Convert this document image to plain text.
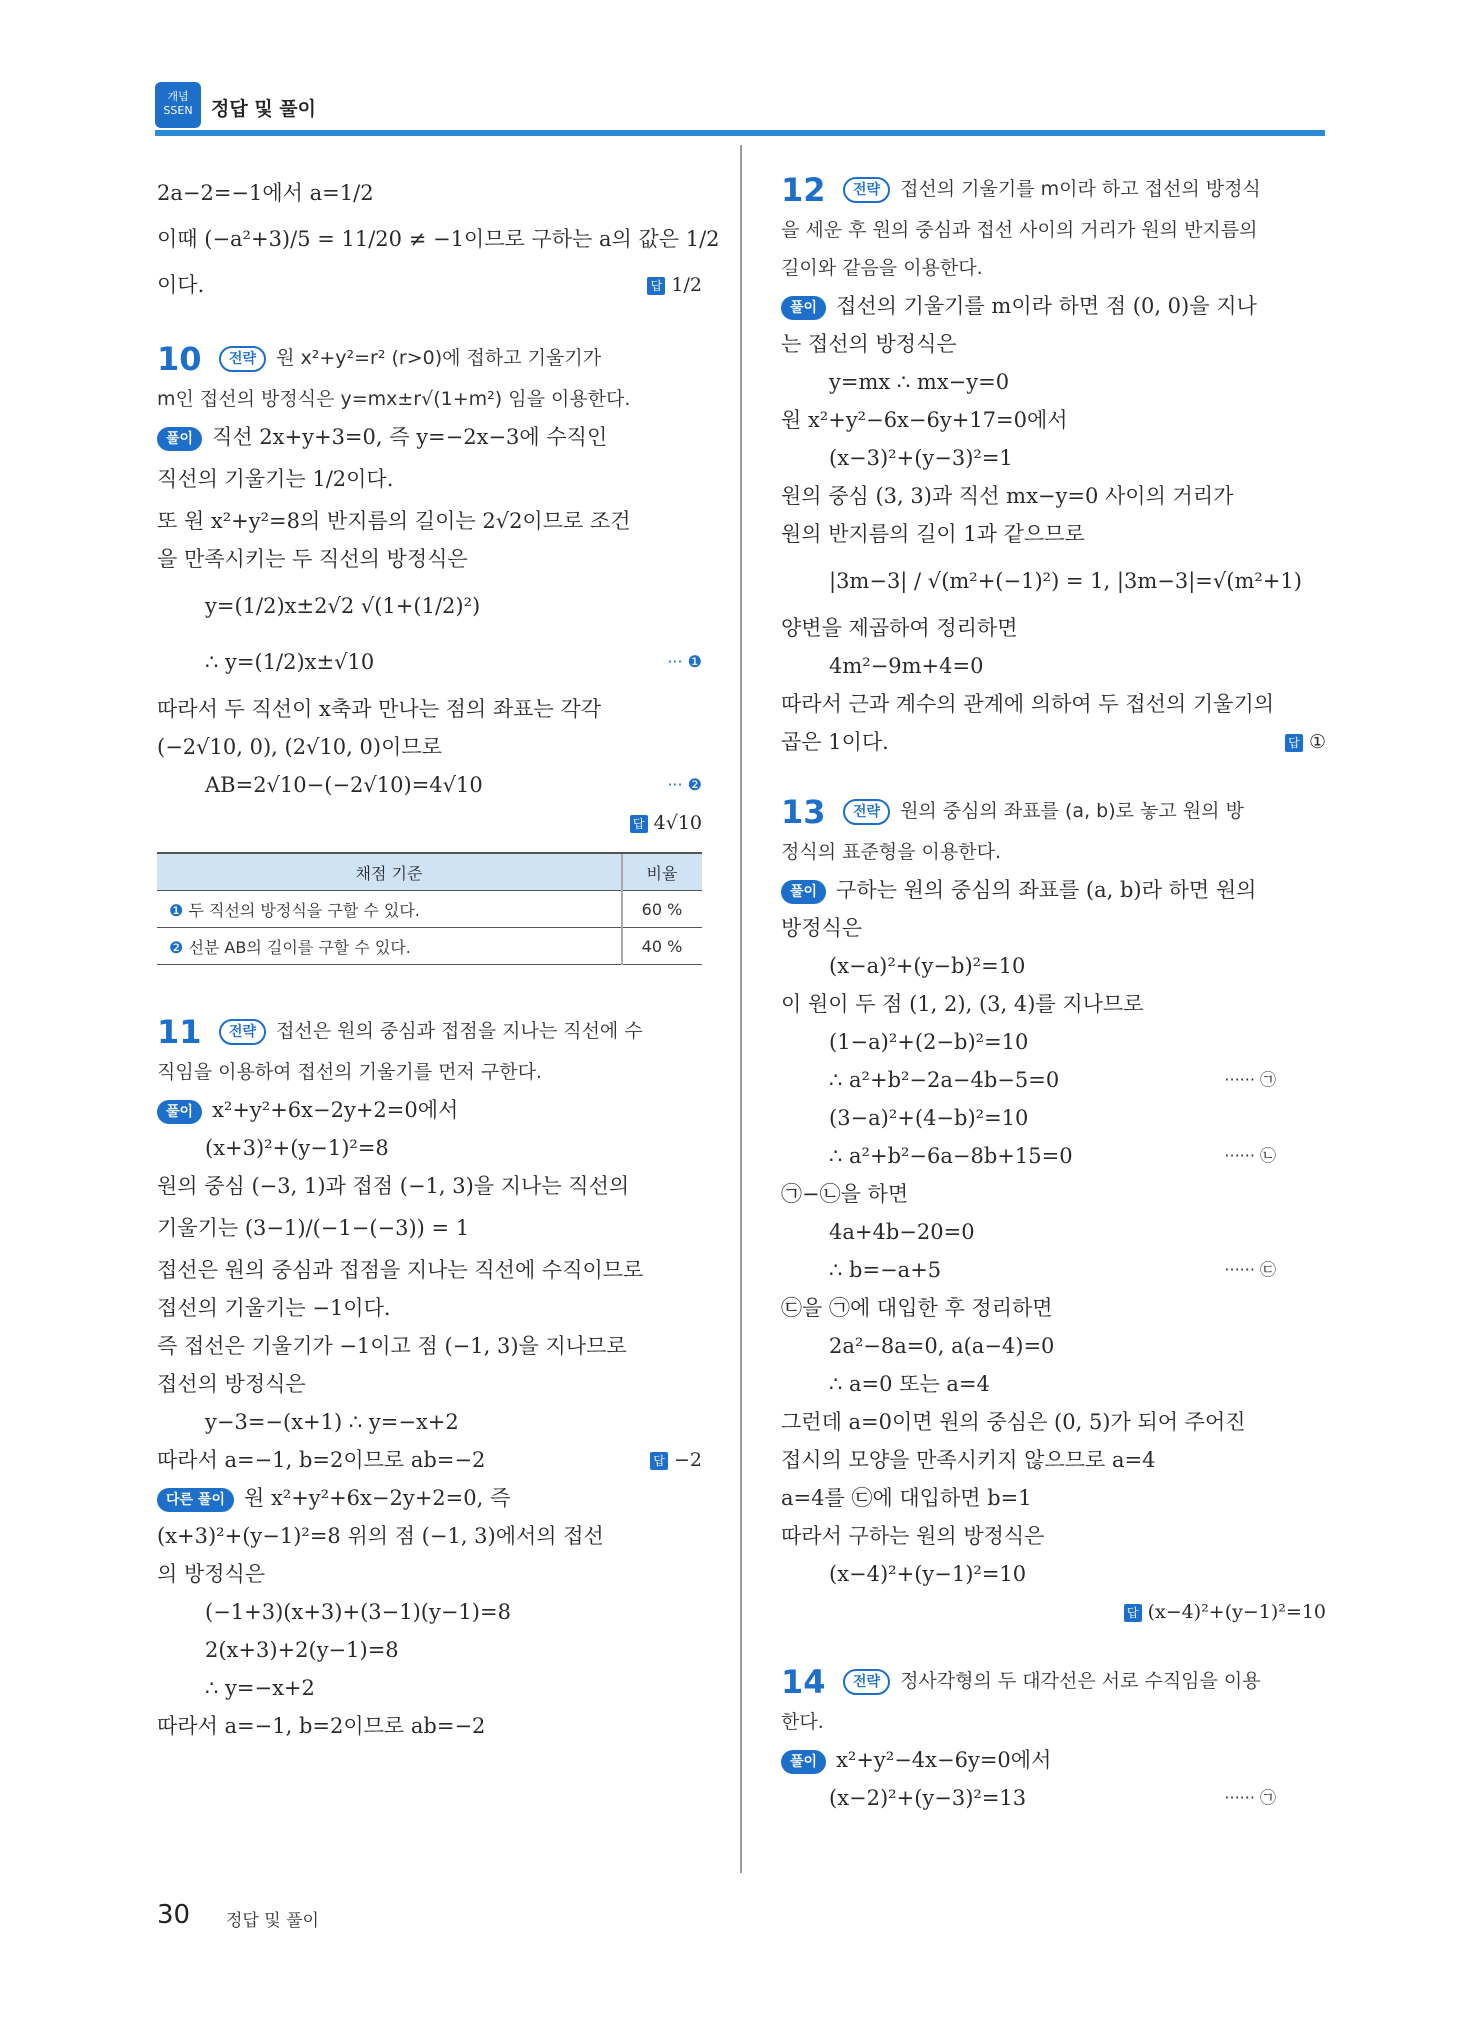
개념 SSEN 정답 및 풀이
2a−2=−1에서 a=1/2
이때 (−a²+3)/5 = 11/20 ≠ −1이므로 구하는 a의 값은 1/2
이다.	답 1/2
10 전략 원 x²+y²=r² (r>0)에 접하고 기울기가
m인 접선의 방정식은 y=mx±r√(1+m²) 임을 이용한다.
풀이 직선 2x+y+3=0, 즉 y=−2x−3에 수직인
직선의 기울기는 1/2이다.
또 원 x²+y²=8의 반지름의 길이는 2√2이므로 조건
을 만족시키는 두 직선의 방정식은
y=(1/2)x±2√2 √(1+(1/2)²)
∴ y=(1/2)x±√10	··· ❶
따라서 두 직선이 x축과 만나는 점의 좌표는 각각
(−2√10, 0), (2√10, 0)이므로
AB=2√10−(−2√10)=4√10	··· ❷
답 4√10
채점 기준	비율
❶ 두 직선의 방정식을 구할 수 있다.	60 %
❷ 선분 AB의 길이를 구할 수 있다.	40 %
11 전략 접선은 원의 중심과 접점을 지나는 직선에 수
직임을 이용하여 접선의 기울기를 먼저 구한다.
풀이 x²+y²+6x−2y+2=0에서
(x+3)²+(y−1)²=8
원의 중심 (−3, 1)과 접점 (−1, 3)을 지나는 직선의
기울기는 (3−1)/(−1−(−3)) = 1
접선은 원의 중심과 접점을 지나는 직선에 수직이므로
접선의 기울기는 −1이다.
즉 접선은 기울기가 −1이고 점 (−1, 3)을 지나므로
접선의 방정식은
y−3=−(x+1) ∴ y=−x+2
따라서 a=−1, b=2이므로 ab=−2	답 −2
다른 풀이 원 x²+y²+6x−2y+2=0, 즉
(x+3)²+(y−1)²=8 위의 점 (−1, 3)에서의 접선
의 방정식은
(−1+3)(x+3)+(3−1)(y−1)=8
2(x+3)+2(y−1)=8
∴ y=−x+2
따라서 a=−1, b=2이므로 ab=−2
12 전략 접선의 기울기를 m이라 하고 접선의 방정식
을 세운 후 원의 중심과 접선 사이의 거리가 원의 반지름의
길이와 같음을 이용한다.
풀이 접선의 기울기를 m이라 하면 점 (0, 0)을 지나
는 접선의 방정식은
y=mx ∴ mx−y=0
원 x²+y²−6x−6y+17=0에서
(x−3)²+(y−3)²=1
원의 중심 (3, 3)과 직선 mx−y=0 사이의 거리가
원의 반지름의 길이 1과 같으므로
|3m−3| / √(m²+(−1)²) = 1, |3m−3|=√(m²+1)
양변을 제곱하여 정리하면
4m²−9m+4=0
따라서 근과 계수의 관계에 의하여 두 접선의 기울기의
곱은 1이다.	답 ①
13 전략 원의 중심의 좌표를 (a, b)로 놓고 원의 방
정식의 표준형을 이용한다.
풀이 구하는 원의 중심의 좌표를 (a, b)라 하면 원의
방정식은
(x−a)²+(y−b)²=10
이 원이 두 점 (1, 2), (3, 4)를 지나므로
(1−a)²+(2−b)²=10
∴ a²+b²−2a−4b−5=0	······ ㉠
(3−a)²+(4−b)²=10
∴ a²+b²−6a−8b+15=0	······ ㉡
㉠−㉡을 하면
4a+4b−20=0
∴ b=−a+5	······ ㉢
㉢을 ㉠에 대입한 후 정리하면
2a²−8a=0, a(a−4)=0
∴ a=0 또는 a=4
그런데 a=0이면 원의 중심은 (0, 5)가 되어 주어진
접시의 모양을 만족시키지 않으므로 a=4
a=4를 ㉢에 대입하면 b=1
따라서 구하는 원의 방정식은
(x−4)²+(y−1)²=10
답 (x−4)²+(y−1)²=10
14 전략 정사각형의 두 대각선은 서로 수직임을 이용
한다.
풀이 x²+y²−4x−6y=0에서
(x−2)²+(y−3)²=13	······ ㉠
30 정답 및 풀이
